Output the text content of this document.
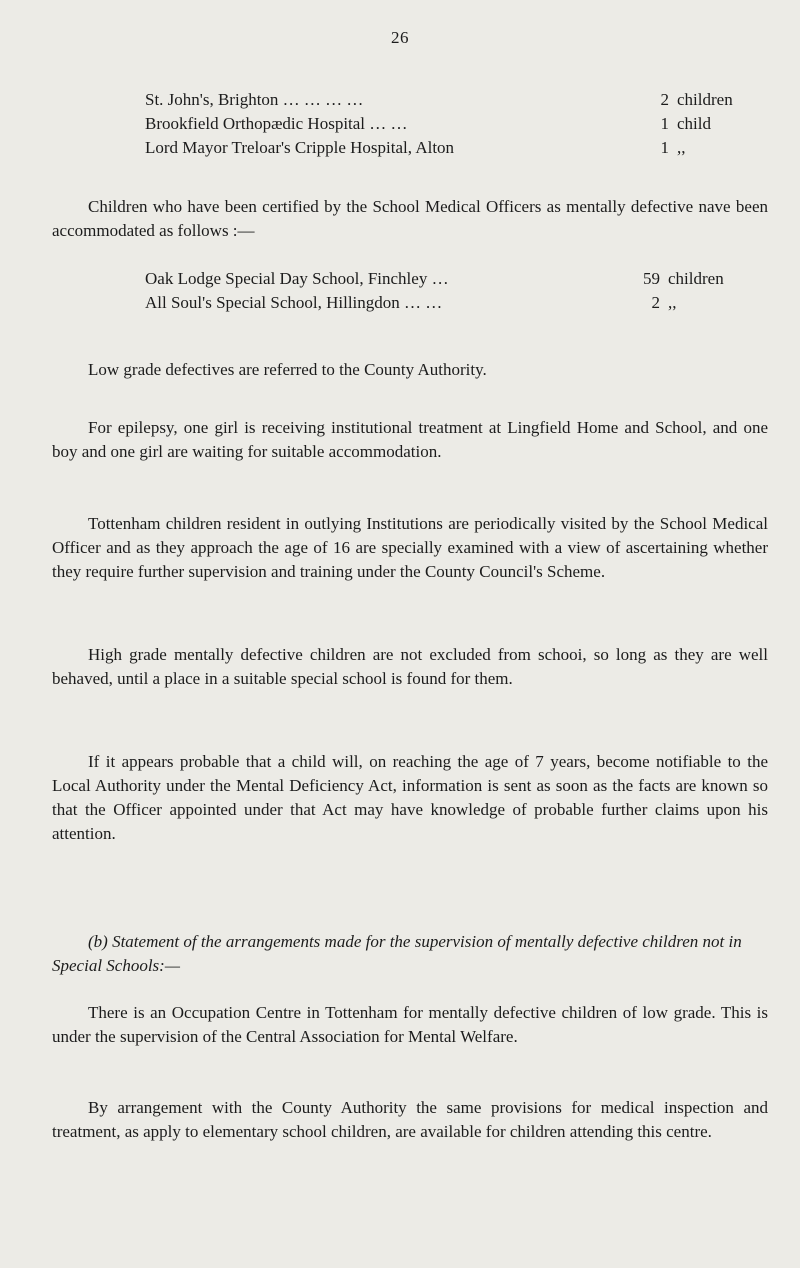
26
St. John's, Brighton … … … …	2 children
Brookfield Orthopædic Hospital … …	1 child
Lord Mayor Treloar's Cripple Hospital, Alton	1 ,,

Children who have been certified by the School Medical Officers as mentally defective nave been accommodated as follows :—

Oak Lodge Special Day School, Finchley …	59 children
All Soul's Special School, Hillingdon … …	2 ,,

Low grade defectives are referred to the County Authority.

For epilepsy, one girl is receiving institutional treatment at Lingfield Home and School, and one boy and one girl are waiting for suitable accommodation.

Tottenham children resident in outlying Institutions are periodically visited by the School Medical Officer and as they approach the age of 16 are specially examined with a view of ascertaining whether they require further supervision and training under the County Council's Scheme.

High grade mentally defective children are not excluded from schooi, so long as they are well behaved, until a place in a suitable special school is found for them.

If it appears probable that a child will, on reaching the age of 7 years, become notifiable to the Local Authority under the Mental Deficiency Act, information is sent as soon as the facts are known so that the Officer appointed under that Act may have knowledge of probable further claims upon his attention.

(b) Statement of the arrangements made for the supervision of mentally defective children not in Special Schools:—

There is an Occupation Centre in Tottenham for mentally defective children of low grade. This is under the supervision of the Central Association for Mental Welfare.

By arrangement with the County Authority the same provisions for medical inspection and treatment, as apply to elementary school children, are available for children attending this centre.
